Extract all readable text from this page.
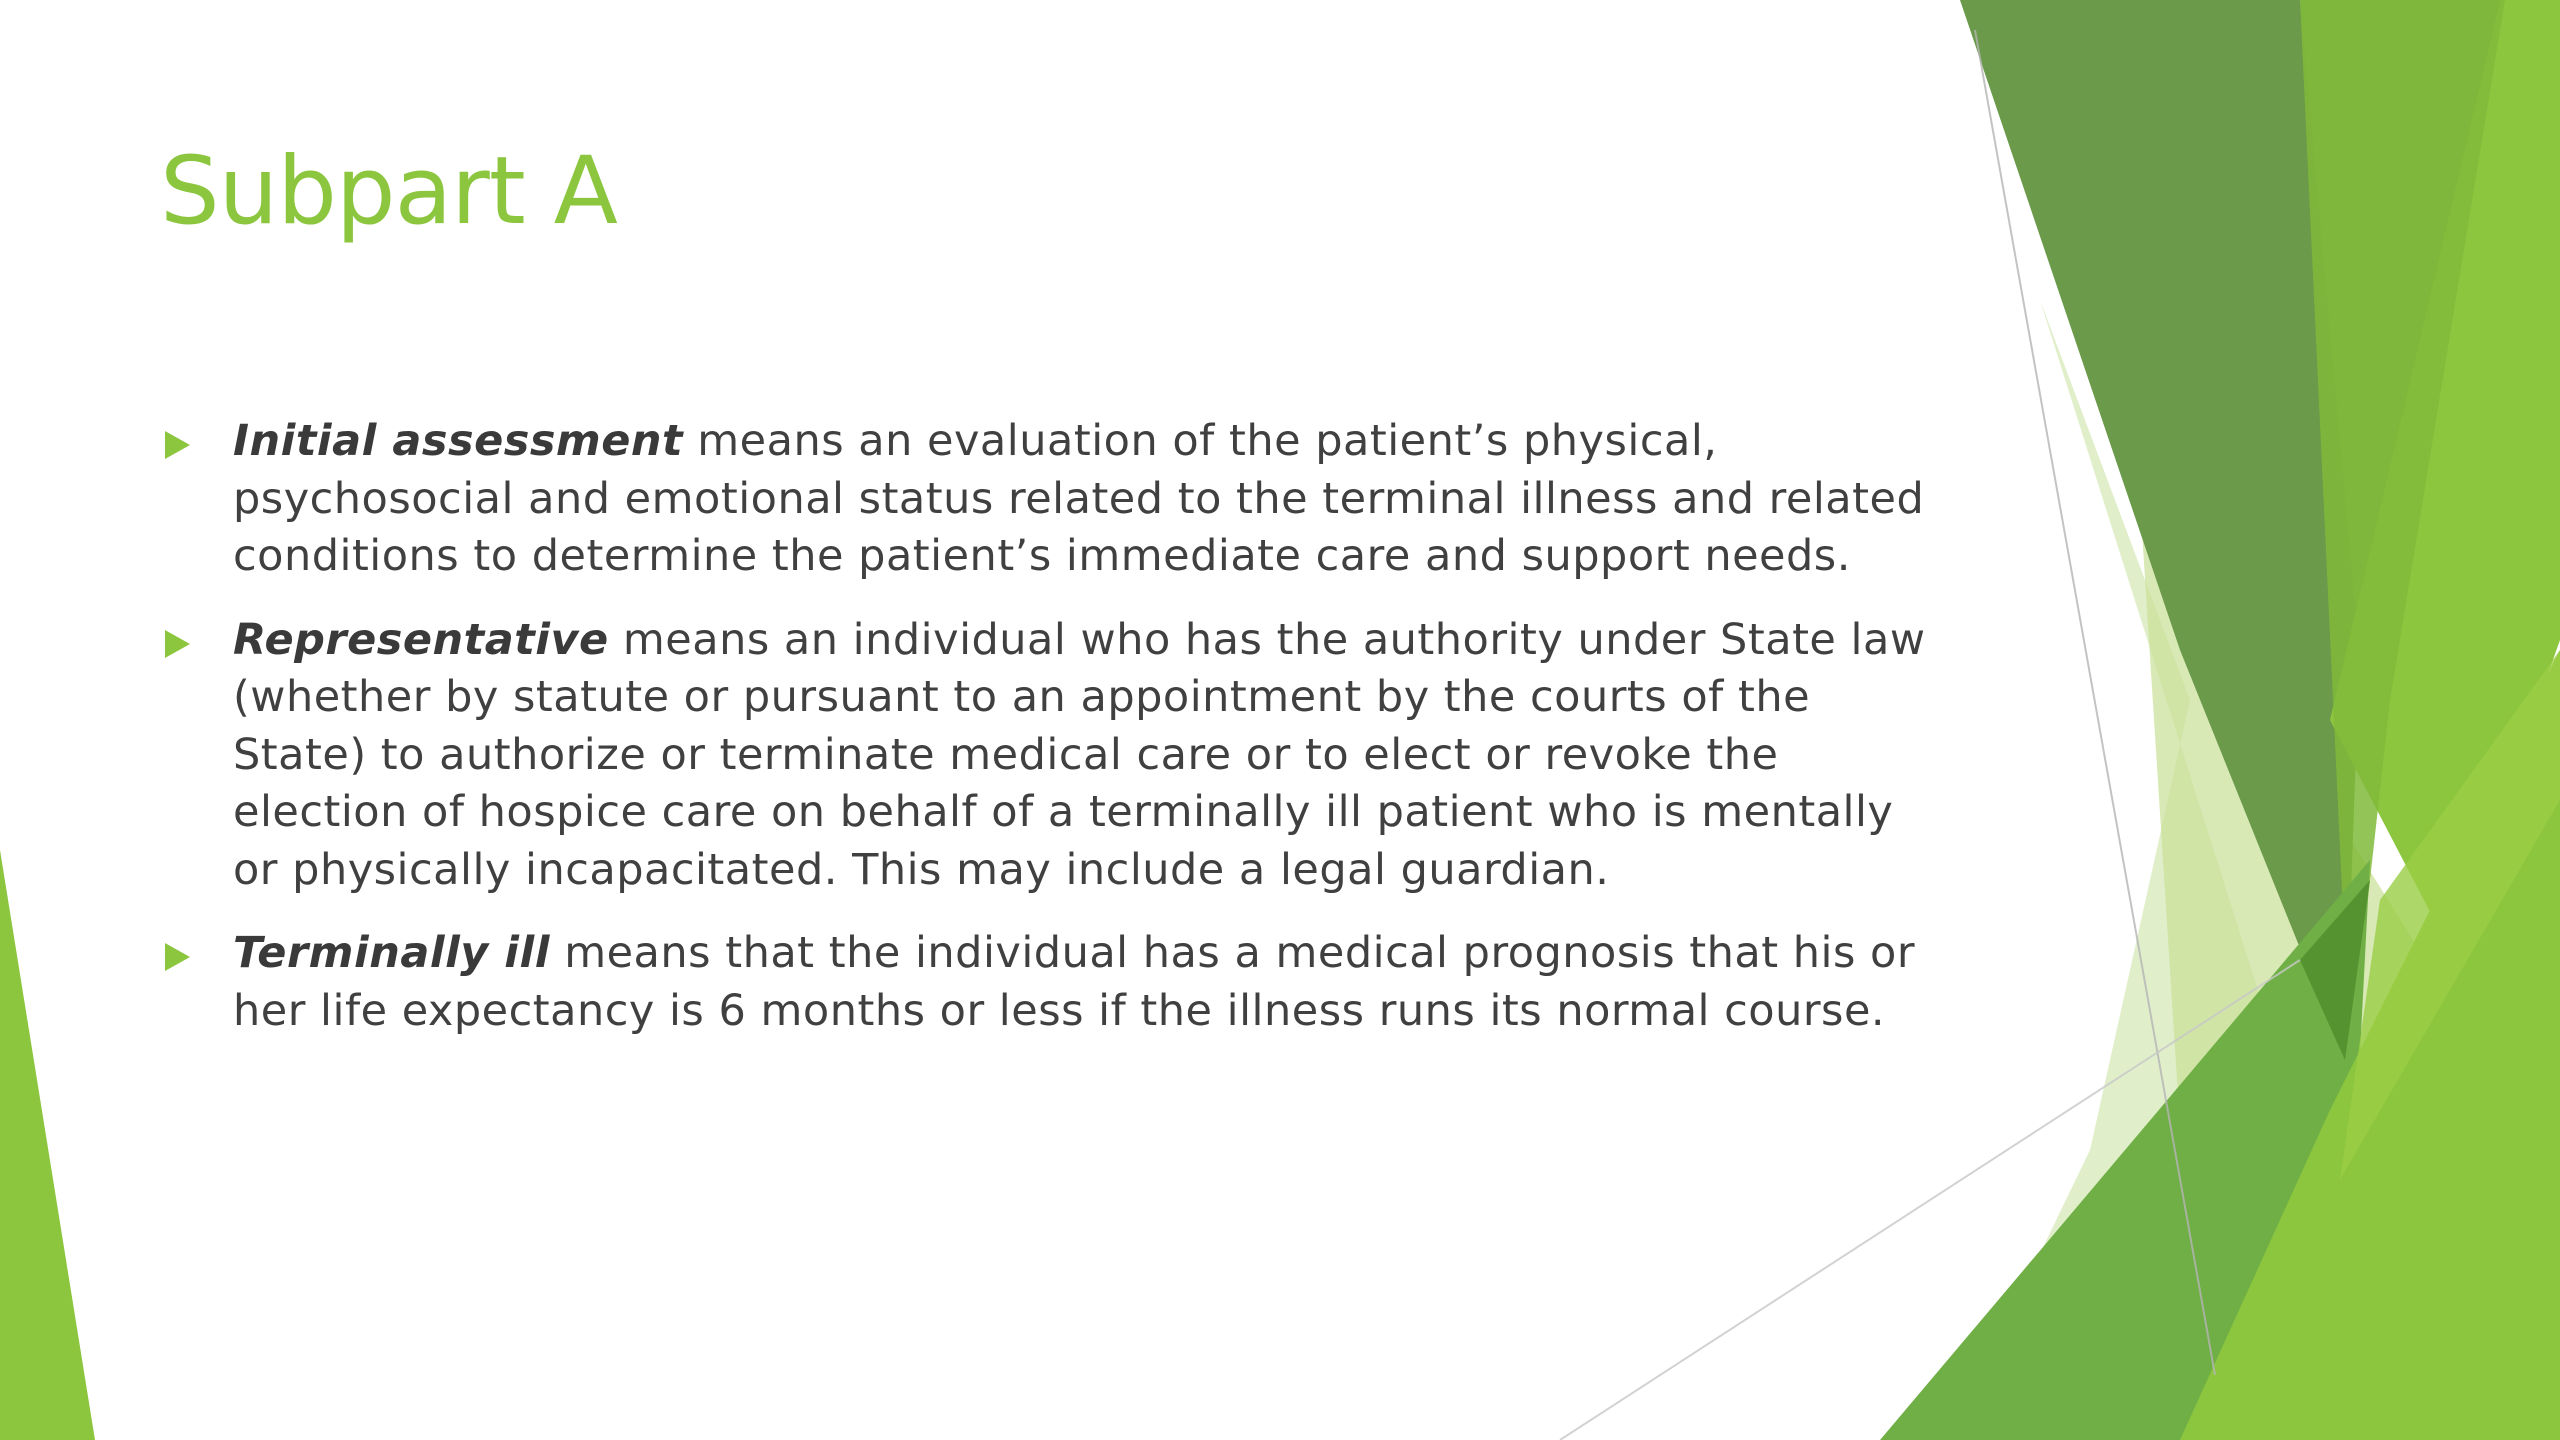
Subpart A
Initial assessment means an evaluation of the patient’s physical, psychosocial and emotional status related to the terminal illness and related conditions to determine the patient’s immediate care and support needs.
Representative means an individual who has the authority under State law (whether by statute or pursuant to an appointment by the courts of the State) to authorize or terminate medical care or to elect or revoke the election of hospice care on behalf of a terminally ill patient who is mentally or physically incapacitated. This may include a legal guardian.
Terminally ill means that the individual has a medical prognosis that his or her life expectancy is 6 months or less if the illness runs its normal course.
